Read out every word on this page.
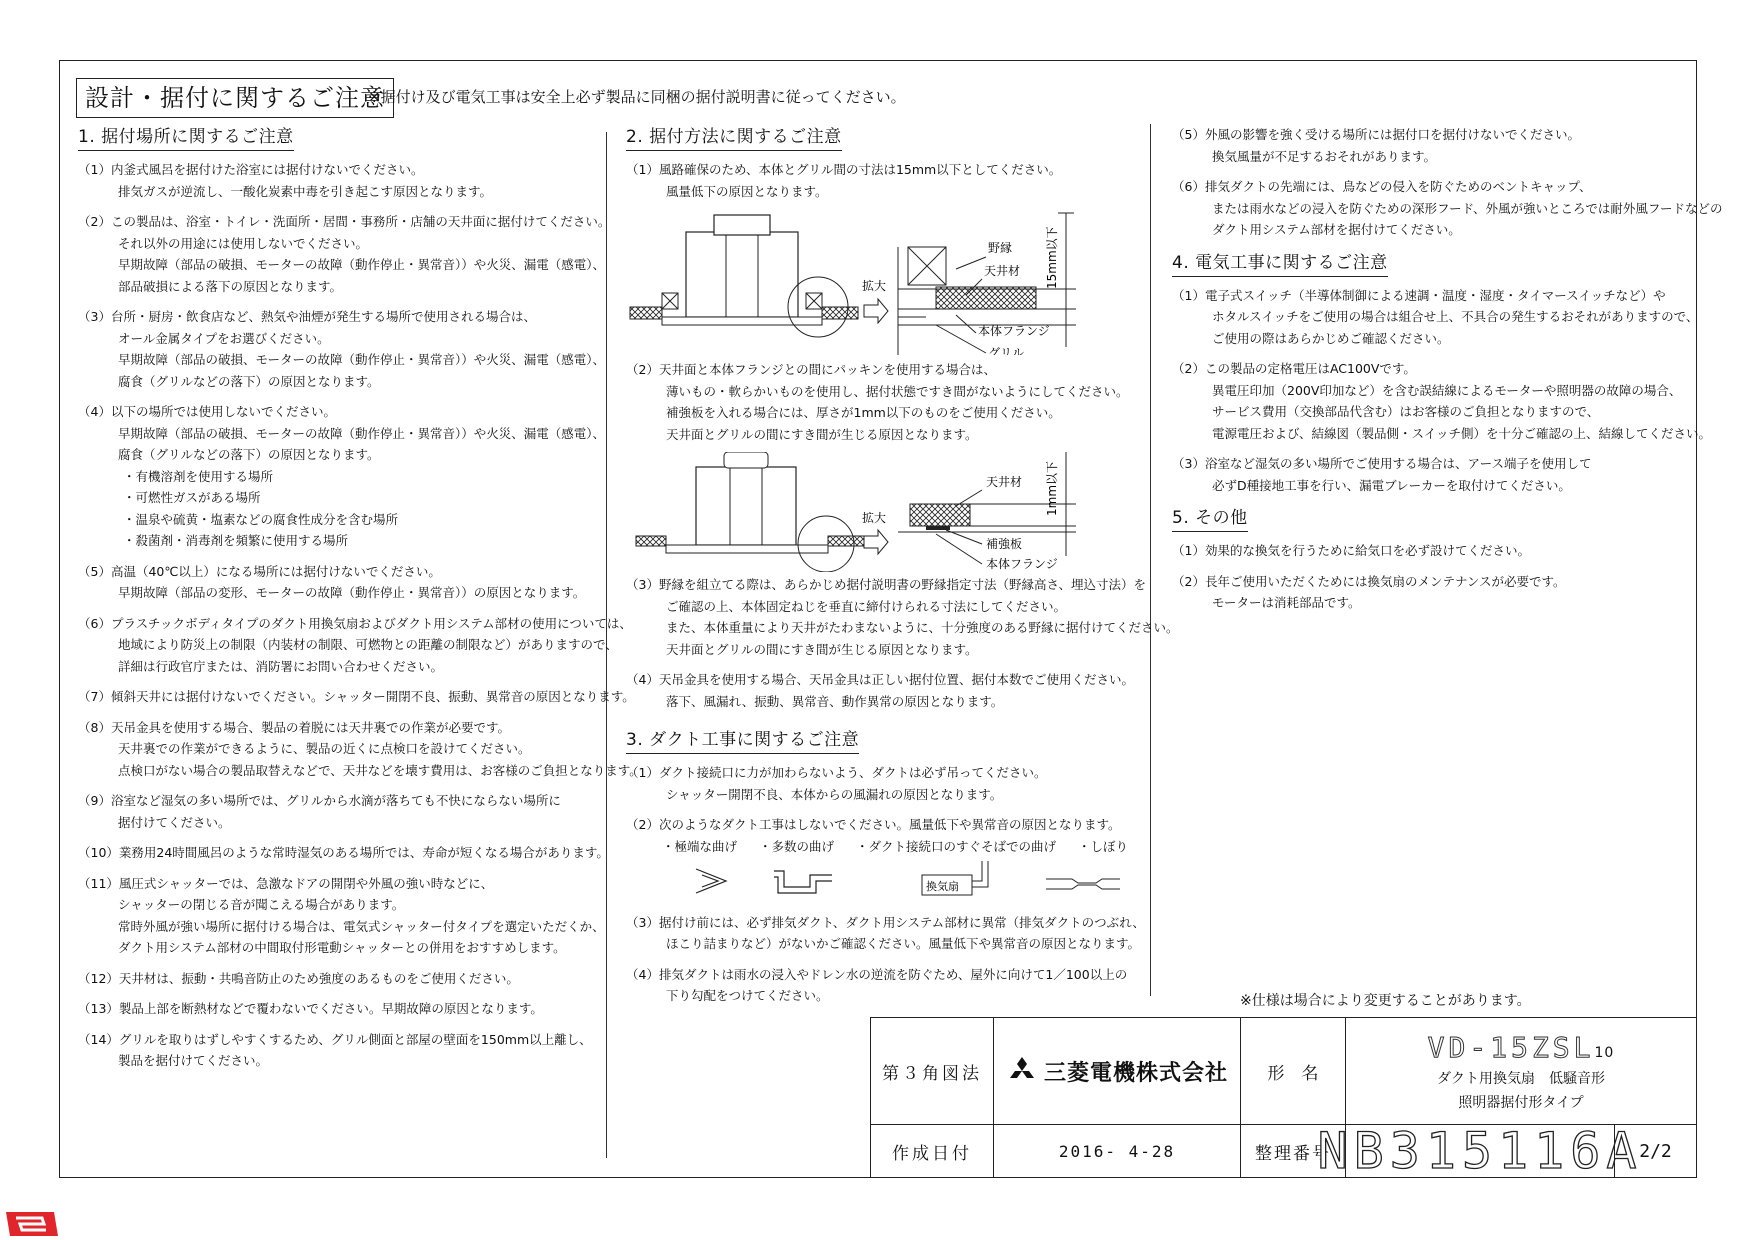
設計・据付に関するご注意
※据付け及び電気工事は安全上必ず製品に同梱の据付説明書に従ってください。
1. 据付場所に関するご注意
（1）内釜式風呂を据付けた浴室には据付けないでください。
排気ガスが逆流し、一酸化炭素中毒を引き起こす原因となります。
（2）この製品は、浴室・トイレ・洗面所・居間・事務所・店舗の天井面に据付けてください。
それ以外の用途には使用しないでください。
早期故障（部品の破損、モーターの故障（動作停止・異常音））や火災、漏電（感電）、
部品破損による落下の原因となります。
（3）台所・厨房・飲食店など、熱気や油煙が発生する場所で使用される場合は、
オール金属タイプをお選びください。
早期故障（部品の破損、モーターの故障（動作停止・異常音））や火災、漏電（感電）、
腐食（グリルなどの落下）の原因となります。
（4）以下の場所では使用しないでください。
早期故障（部品の破損、モーターの故障（動作停止・異常音））や火災、漏電（感電）、
腐食（グリルなどの落下）の原因となります。
・有機溶剤を使用する場所
・可燃性ガスがある場所
・温泉や硫黄・塩素などの腐食性成分を含む場所
・殺菌剤・消毒剤を頻繁に使用する場所
（5）高温（40℃以上）になる場所には据付けないでください。
早期故障（部品の変形、モーターの故障（動作停止・異常音））の原因となります。
（6）プラスチックボディタイプのダクト用換気扇およびダクト用システム部材の使用については、
地域により防災上の制限（内装材の制限、可燃物との距離の制限など）がありますので、
詳細は行政官庁または、消防署にお問い合わせください。
（7）傾斜天井には据付けないでください。シャッター開閉不良、振動、異常音の原因となります。
（8）天吊金具を使用する場合、製品の着脱には天井裏での作業が必要です。
天井裏での作業ができるように、製品の近くに点検口を設けてください。
点検口がない場合の製品取替えなどで、天井などを壊す費用は、お客様のご負担となります。
（9）浴室など湿気の多い場所では、グリルから水滴が落ちても不快にならない場所に
据付けてください。
（10）業務用24時間風呂のような常時湿気のある場所では、寿命が短くなる場合があります。
（11）風圧式シャッターでは、急激なドアの開閉や外風の強い時などに、
シャッターの閉じる音が聞こえる場合があります。
常時外風が強い場所に据付ける場合は、電気式シャッター付タイプを選定いただくか、
ダクト用システム部材の中間取付形電動シャッターとの併用をおすすめします。
（12）天井材は、振動・共鳴音防止のため強度のあるものをご使用ください。
（13）製品上部を断熱材などで覆わないでください。早期故障の原因となります。
（14）グリルを取りはずしやすくするため、グリル側面と部屋の壁面を150mm以上離し、
製品を据付けてください。
2. 据付方法に関するご注意
（1）風路確保のため、本体とグリル間の寸法は15mm以下としてください。
風量低下の原因となります。
拡大	15mm以下
野縁
天井材
本体フランジ
グリル
（2）天井面と本体フランジとの間にパッキンを使用する場合は、
薄いもの・軟らかいものを使用し、据付状態ですき間がないようにしてください。
補強板を入れる場合には、厚さが1mm以下のものをご使用ください。
天井面とグリルの間にすき間が生じる原因となります。
拡大
1mm以下
天井材
補強板
本体フランジ
（3）野縁を組立てる際は、あらかじめ据付説明書の野縁指定寸法（野縁高さ、埋込寸法）を
ご確認の上、本体固定ねじを垂直に締付けられる寸法にしてください。
また、本体重量により天井がたわまないように、十分強度のある野縁に据付けてください。
天井面とグリルの間にすき間が生じる原因となります。
（4）天吊金具を使用する場合、天吊金具は正しい据付位置、据付本数でご使用ください。
落下、風漏れ、振動、異常音、動作異常の原因となります。
3. ダクト工事に関するご注意
（1）ダクト接続口に力が加わらないよう、ダクトは必ず吊ってください。
シャッター開閉不良、本体からの風漏れの原因となります。
（2）次のようなダクト工事はしないでください。風量低下や異常音の原因となります。
・極端な曲げ ・多数の曲げ ・ダクト接続口のすぐそばでの曲げ ・しぼり
換気扇
（3）据付け前には、必ず排気ダクト、ダクト用システム部材に異常（排気ダクトのつぶれ、
ほこり詰まりなど）がないかご確認ください。風量低下や異常音の原因となります。
（4）排気ダクトは雨水の浸入やドレン水の逆流を防ぐため、屋外に向けて1／100以上の
下り勾配をつけてください。
（5）外風の影響を強く受ける場所には据付口を据付けないでください。
換気風量が不足するおそれがあります。
（6）排気ダクトの先端には、鳥などの侵入を防ぐためのベントキャップ、
または雨水などの浸入を防ぐための深形フード、外風が強いところでは耐外風フードなどの
ダクト用システム部材を据付けてください。
4. 電気工事に関するご注意
（1）電子式スイッチ（半導体制御による速調・温度・湿度・タイマースイッチなど）や
ホタルスイッチをご使用の場合は組合せ上、不具合の発生するおそれがありますので、
ご使用の際はあらかじめご確認ください。
（2）この製品の定格電圧はAC100Vです。
異電圧印加（200V印加など）を含む誤結線によるモーターや照明器の故障の場合、
サービス費用（交換部品代含む）はお客様のご負担となりますので、
電源電圧および、結線図（製品側・スイッチ側）を十分ご確認の上、結線してください。
（3）浴室など湿気の多い場所でご使用する場合は、アース端子を使用して
必ずD種接地工事を行い、漏電ブレーカーを取付けてください。
5. その他
（1）効果的な換気を行うために給気口を必ず設けてください。
（2）長年ご使用いただくためには換気扇のメンテナンスが必要です。
モーターは消耗部品です。
※仕様は場合により変更することがあります。
第３角図法	三菱電機株式会社	形　名
VD-15ZSL10
ダクト用換気扇　低騒音形
照明器据付形タイプ
作成日付	2016- 4-28	整理番号
NB315116A
2/2
